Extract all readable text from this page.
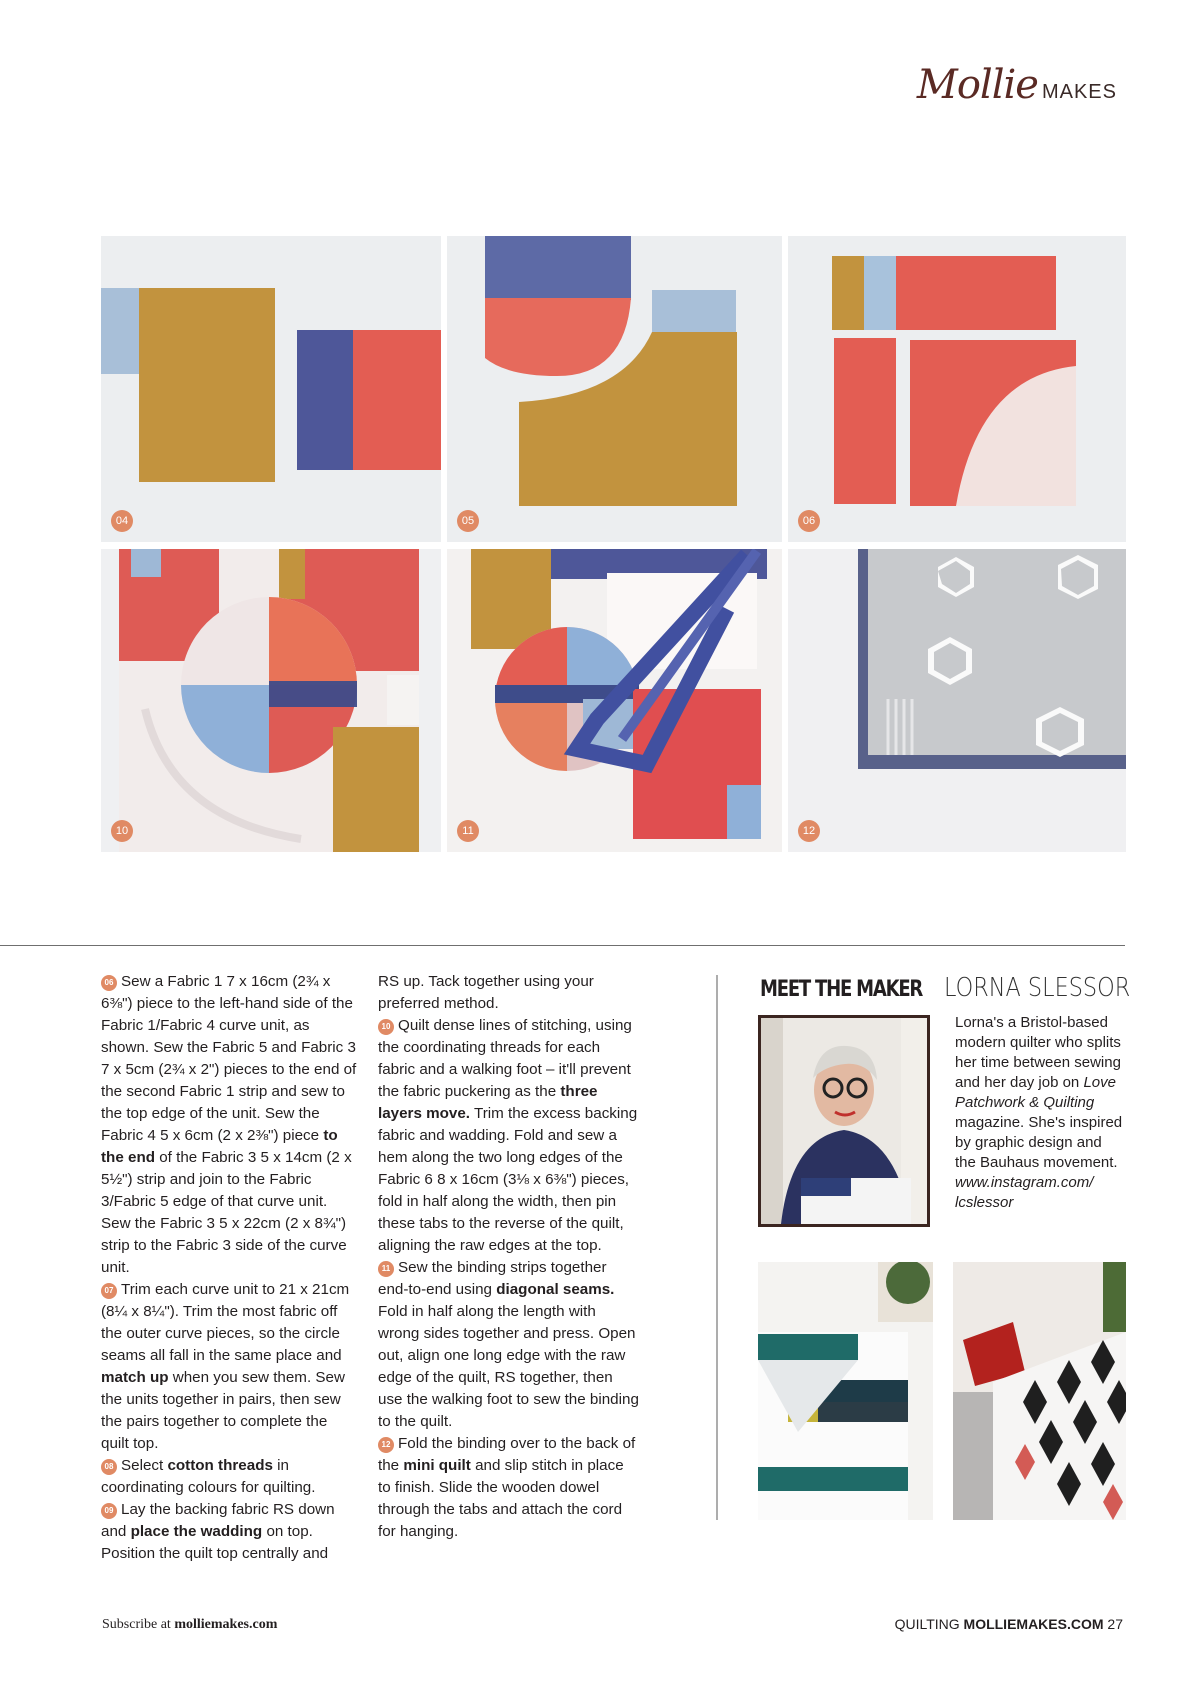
Mollie MAKES
04	05	06
10	11	12

06 Sew a Fabric 1 7 x 16cm (2¾ x 6⅜") piece to the left-hand side of the Fabric 1/Fabric 4 curve unit, as shown. Sew the Fabric 5 and Fabric 3 7 x 5cm (2¾ x 2") pieces to the end of the second Fabric 1 strip and sew to the top edge of the unit. Sew the Fabric 4 5 x 6cm (2 x 2⅜") piece to the end of the Fabric 3 5 x 14cm (2 x 5½") strip and join to the Fabric 3/Fabric 5 edge of that curve unit. Sew the Fabric 3 5 x 22cm (2 x 8¾") strip to the Fabric 3 side of the curve unit.

07 Trim each curve unit to 21 x 21cm (8¼ x 8¼"). Trim the most fabric off the outer curve pieces, so the circle seams all fall in the same place and match up when you sew them. Sew the units together in pairs, then sew the pairs together to complete the quilt top.

08 Select cotton threads in coordinating colours for quilting.

09 Lay the backing fabric RS down and place the wadding on top. Position the quilt top centrally and

RS up. Tack together using your preferred method.

10 Quilt dense lines of stitching, using the coordinating threads for each fabric and a walking foot – it'll prevent the fabric puckering as the three layers move. Trim the excess backing fabric and wadding. Fold and sew a hem along the two long edges of the Fabric 6 8 x 16cm (3⅛ x 6⅜") pieces, fold in half along the width, then pin these tabs to the reverse of the quilt, aligning the raw edges at the top.

11 Sew the binding strips together end-to-end using diagonal seams. Fold in half along the length with wrong sides together and press. Open out, align one long edge with the raw edge of the quilt, RS together, then use the walking foot to sew the binding to the quilt.

12 Fold the binding over to the back of the mini quilt and slip stitch in place to finish. Slide the wooden dowel through the tabs and attach the cord for hanging.

MEET THE MAKER LORNA SLESSOR
Lorna's a Bristol-based modern quilter who splits her time between sewing and her day job on Love Patchwork & Quilting magazine. She's inspired by graphic design and the Bauhaus movement. www.instagram.com/ lcslessor
Subscribe at molliemakes.com	QUILTING MOLLIEMAKES.COM 27
